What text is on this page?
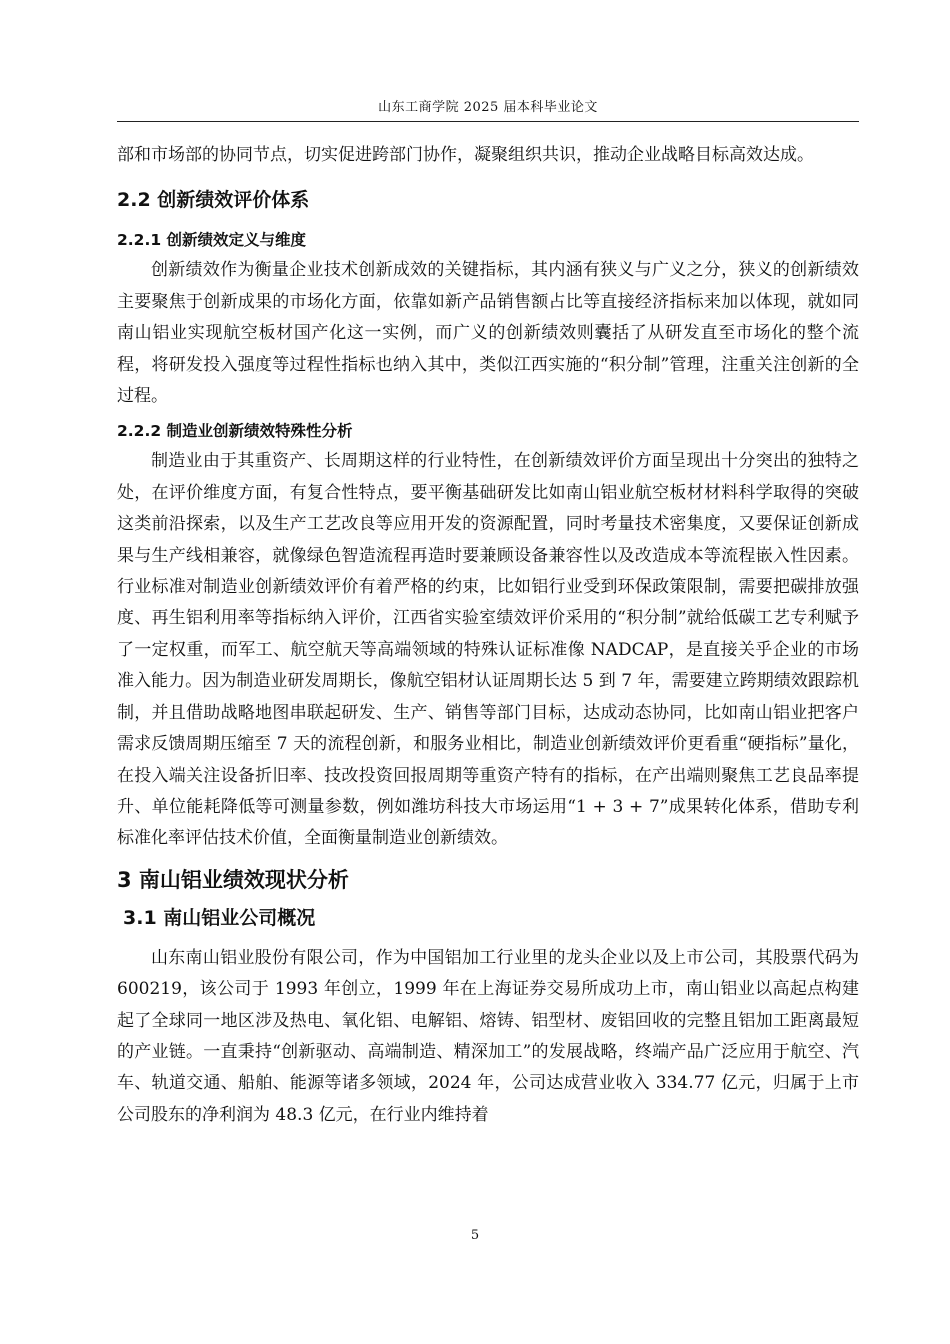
山东工商学院 2025 届本科毕业论文

部和市场部的协同节点，切实促进跨部门协作，凝聚组织共识，推动企业战略目标高效达成。

2.2 创新绩效评价体系
2.2.1 创新绩效定义与维度

创新绩效作为衡量企业技术创新成效的关键指标，其内涵有狭义与广义之分，狭义的创新绩效主要聚焦于创新成果的市场化方面，依靠如新产品销售额占比等直接经济指标来加以体现，就如同南山铝业实现航空板材国产化这一实例，而广义的创新绩效则囊括了从研发直至市场化的整个流程，将研发投入强度等过程性指标也纳入其中，类似江西实施的“积分制”管理，注重关注创新的全过程。

2.2.2 制造业创新绩效特殊性分析

制造业由于其重资产、长周期这样的行业特性，在创新绩效评价方面呈现出十分突出的独特之处，在评价维度方面，有复合性特点，要平衡基础研发比如南山铝业航空板材材料科学取得的突破这类前沿探索，以及生产工艺改良等应用开发的资源配置，同时考量技术密集度，又要保证创新成果与生产线相兼容，就像绿色智造流程再造时要兼顾设备兼容性以及改造成本等流程嵌入性因素。行业标准对制造业创新绩效评价有着严格的约束，比如铝行业受到环保政策限制，需要把碳排放强度、再生铝利用率等指标纳入评价，江西省实验室绩效评价采用的“积分制”就给低碳工艺专利赋予了一定权重，而军工、航空航天等高端领域的特殊认证标准像 NADCAP，是直接关乎企业的市场准入能力。因为制造业研发周期长，像航空铝材认证周期长达 5 到 7 年，需要建立跨期绩效跟踪机制，并且借助战略地图串联起研发、生产、销售等部门目标，达成动态协同，比如南山铝业把客户需求反馈周期压缩至 7 天的流程创新，和服务业相比，制造业创新绩效评价更看重“硬指标”量化，在投入端关注设备折旧率、技改投资回报周期等重资产特有的指标，在产出端则聚焦工艺良品率提升、单位能耗降低等可测量参数，例如潍坊科技大市场运用“1 + 3 + 7”成果转化体系，借助专利标准化率评估技术价值，全面衡量制造业创新绩效。

3 南山铝业绩效现状分析
3.1 南山铝业公司概况

山东南山铝业股份有限公司，作为中国铝加工行业里的龙头企业以及上市公司，其股票代码为 600219，该公司于 1993 年创立，1999 年在上海证券交易所成功上市，南山铝业以高起点构建起了全球同一地区涉及热电、氧化铝、电解铝、熔铸、铝型材、废铝回收的完整且铝加工距离最短的产业链。一直秉持“创新驱动、高端制造、精深加工”的发展战略，终端产品广泛应用于航空、汽车、轨道交通、船舶、能源等诸多领域，2024 年，公司达成营业收入 334.77 亿元，归属于上市公司股东的净利润为 48.3 亿元，在行业内维持着

5
